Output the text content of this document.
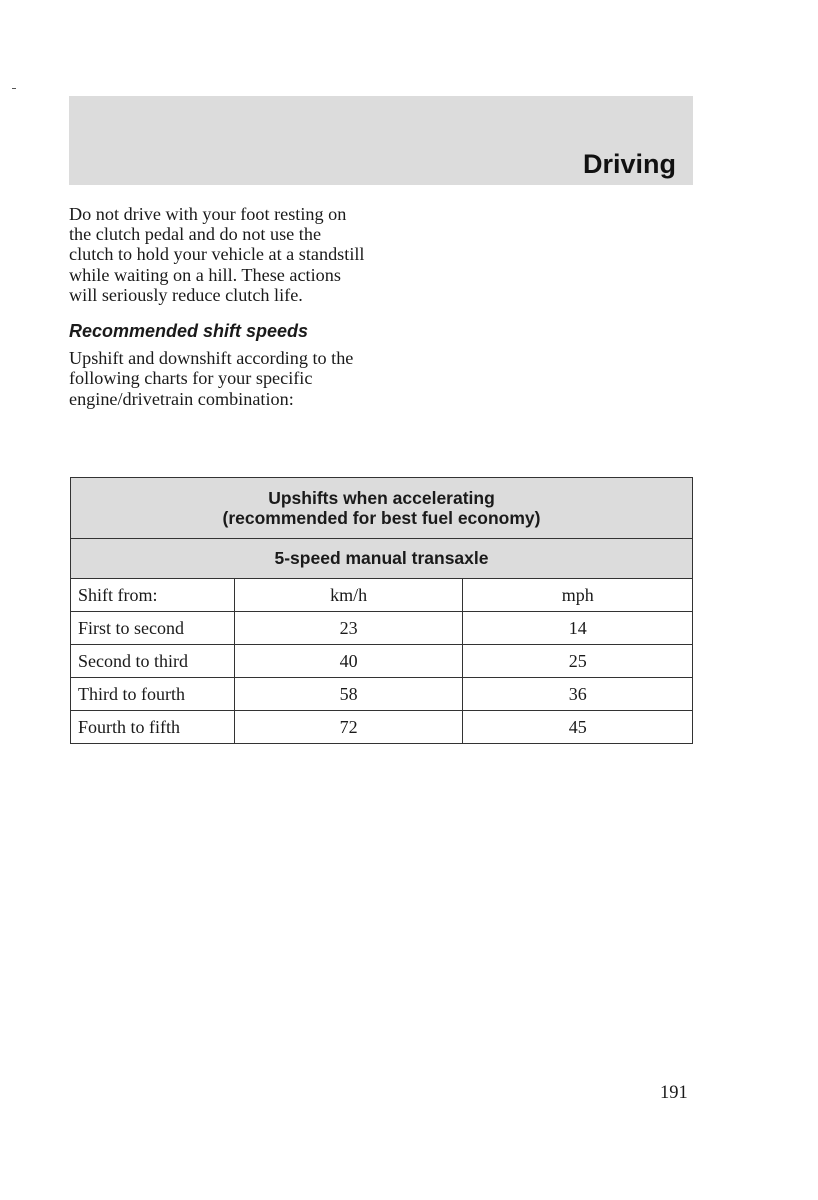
Driving

Do not drive with your foot resting on the clutch pedal and do not use the clutch to hold your vehicle at a standstill while waiting on a hill. These actions will seriously reduce clutch life.

Recommended shift speeds

Upshift and downshift according to the following charts for your specific engine/drivetrain combination:

Upshifts when accelerating
(recommended for best fuel economy)		

5-speed manual transaxle		
Shift from:	km/h	mph
First to second	23	14
Second to third	40	25
Third to fourth	58	36
Fourth to fifth	72	45
191
